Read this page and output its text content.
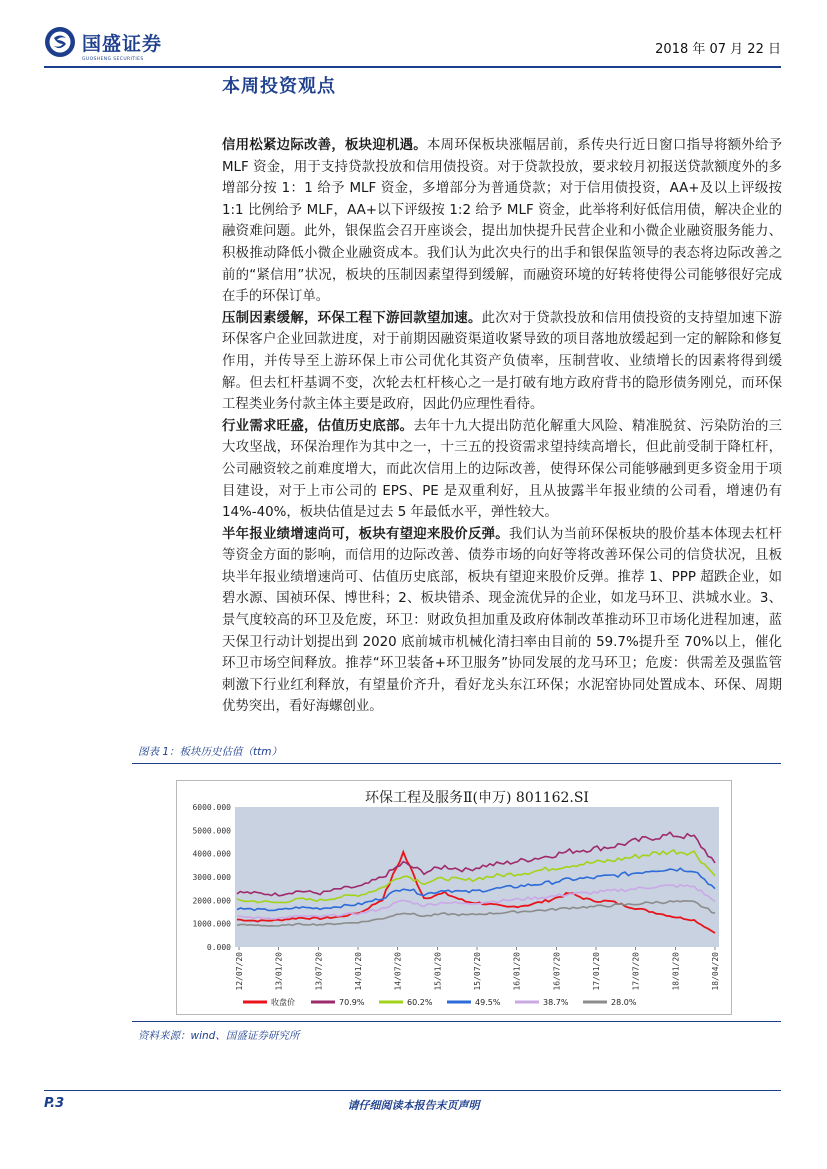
国盛证券
GUOSHENG SECURITIES
2018 年 07 月 22 日
本周投资观点

信用松紧边际改善，板块迎机遇。本周环保板块涨幅居前，系传央行近日窗口指导将额外给予 MLF 资金，用于支持贷款投放和信用债投资。对于贷款投放，要求较月初报送贷款额度外的多增部分按 1：1 给予 MLF 资金，多增部分为普通贷款；对于信用债投资，AA+及以上评级按 1:1 比例给予 MLF，AA+以下评级按 1:2 给予 MLF 资金，此举将利好低信用债，解决企业的融资难问题。此外，银保监会召开座谈会，提出加快提升民营企业和小微企业融资服务能力、积极推动降低小微企业融资成本。我们认为此次央行的出手和银保监领导的表态将边际改善之前的“紧信用”状况，板块的压制因素望得到缓解，而融资环境的好转将使得公司能够很好完成在手的环保订单。

压制因素缓解，环保工程下游回款望加速。此次对于贷款投放和信用债投资的支持望加速下游环保客户企业回款进度，对于前期因融资渠道收紧导致的项目落地放缓起到一定的解除和修复作用，并传导至上游环保上市公司优化其资产负债率，压制营收、业绩增长的因素将得到缓解。但去杠杆基调不变，次轮去杠杆核心之一是打破有地方政府背书的隐形债务刚兑，而环保工程类业务付款主体主要是政府，因此仍应理性看待。

行业需求旺盛，估值历史底部。去年十九大提出防范化解重大风险、精准脱贫、污染防治的三大攻坚战，环保治理作为其中之一，十三五的投资需求望持续高增长，但此前受制于降杠杆，公司融资较之前难度增大，而此次信用上的边际改善，使得环保公司能够融到更多资金用于项目建设，对于上市公司的 EPS、PE 是双重利好，且从披露半年报业绩的公司看，增速仍有 14%-40%，板块估值是过去 5 年最低水平，弹性较大。

半年报业绩增速尚可，板块有望迎来股价反弹。我们认为当前环保板块的股价基本体现去杠杆等资金方面的影响，而信用的边际改善、债券市场的向好等将改善环保公司的信贷状况，且板块半年报业绩增速尚可、估值历史底部，板块有望迎来股价反弹。推荐 1、PPP 超跌企业，如碧水源、国祯环保、博世科；2、板块错杀、现金流优异的企业，如龙马环卫、洪城水业。3、景气度较高的环卫及危废，环卫：财政负担加重及政府体制改革推动环卫市场化进程加速，蓝天保卫行动计划提出到 2020 底前城市机械化清扫率由目前的 59.7%提升至 70%以上，催化环卫市场空间释放。推荐“环卫装备+环卫服务”协同发展的龙马环卫；危废：供需差及强监管刺激下行业红利释放，有望量价齐升，看好龙头东江环保；水泥窑协同处置成本、环保、周期优势突出，看好海螺创业。

图表 1：板块历史估值（ttm）
环保工程及服务Ⅱ(申万) 801162.SI
0.000
1000.000
2000.000
3000.000
4000.000
5000.000
6000.000
12/07/20	13/01/20	13/07/20	14/01/20	14/07/20	15/01/20	15/07/20	16/01/20	16/07/20	17/01/20	17/07/20	18/01/20	18/04/20
收盘价	70.9%	60.2%	49.5%	38.7%	28.0%
资料来源：wind、国盛证券研究所
P.3	请仔细阅读本报告末页声明
